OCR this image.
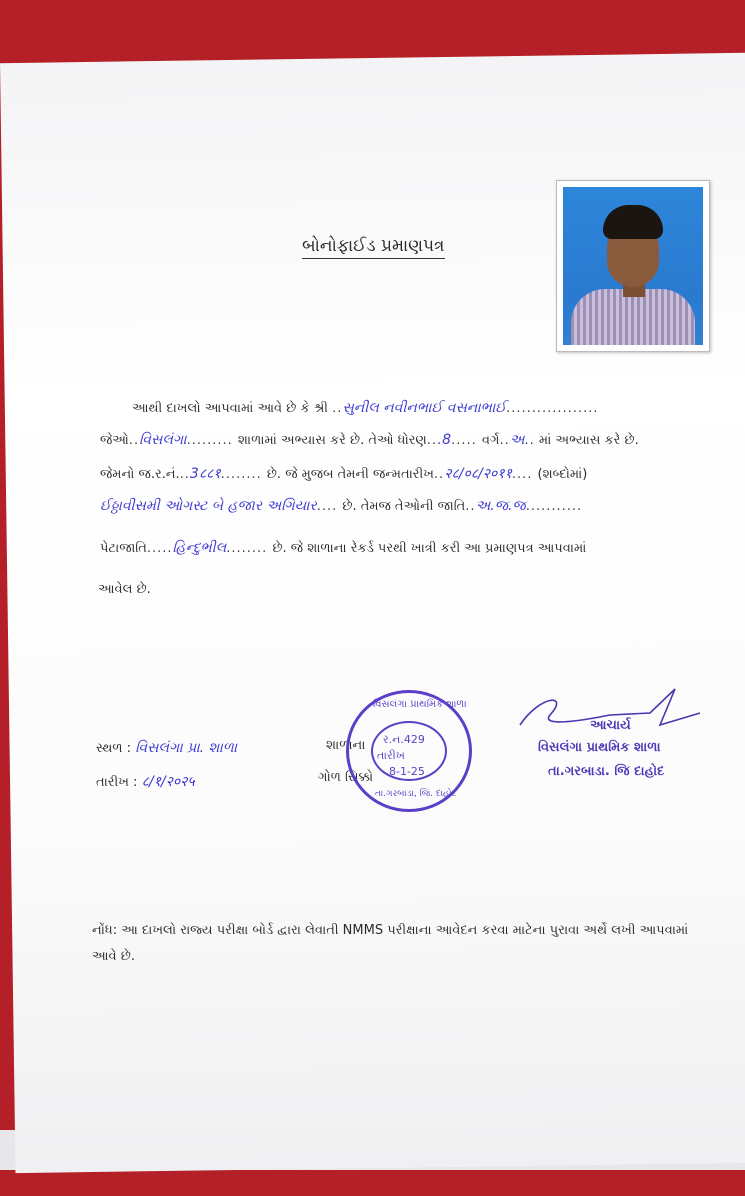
બોનોફાઈડ પ્રમાણપત્ર
આથી દાખલો આપવામાં આવે છે કે શ્રી ..સુનીલ નવીનભાઈ વસનાભાઈ..................
જેઓ..વિસલંગા......... શાળામાં અભ્યાસ કરે છે. તેઓ ધોરણ...8..... વર્ગ..અ.. માં અભ્યાસ કરે છે.
જેમનો જ.ર.નં...3८८१........ છે. જે મુજબ તેમની જન્મતારીખ..२८/०८/२०११.... (શબ્દોમાં)
ઈઠ્ઠાવીસમી ઓગસ્ટ બે હજાર અગિયાર.... છે. તેમજ તેઓની જાતિ..અ.જ.જ...........
પેટાજાતિ.....હિન્દુભીલ........ છે. જે શાળાના રેકર્ડ પરથી ખાત્રી કરી આ પ્રમાણપત્ર આપવામાં
આવેલ છે.
સ્થળ : વિસલંગા પ્રા. શાળા
તારીખ : ८/१/२०२५
શાળાના
ગોળ સિક્કો
વિસલંગા પ્રાથમિક શાળા
ર.ન.429
તારીખ
8-1-25
તા.ગરબાડા, જિ. દાહોદ
આચાર્ય
વિસલંગા પ્રાથમિક શાળા
તા.ગરબાડા. જિ દાહોદ
નોંધ: આ દાખલો રાજ્ય પરીક્ષા બોર્ડ દ્વારા લેવાતી NMMS પરીક્ષાના આવેદન કરવા માટેના પુરાવા અર્થે લખી આપવામાં આવે છે.
